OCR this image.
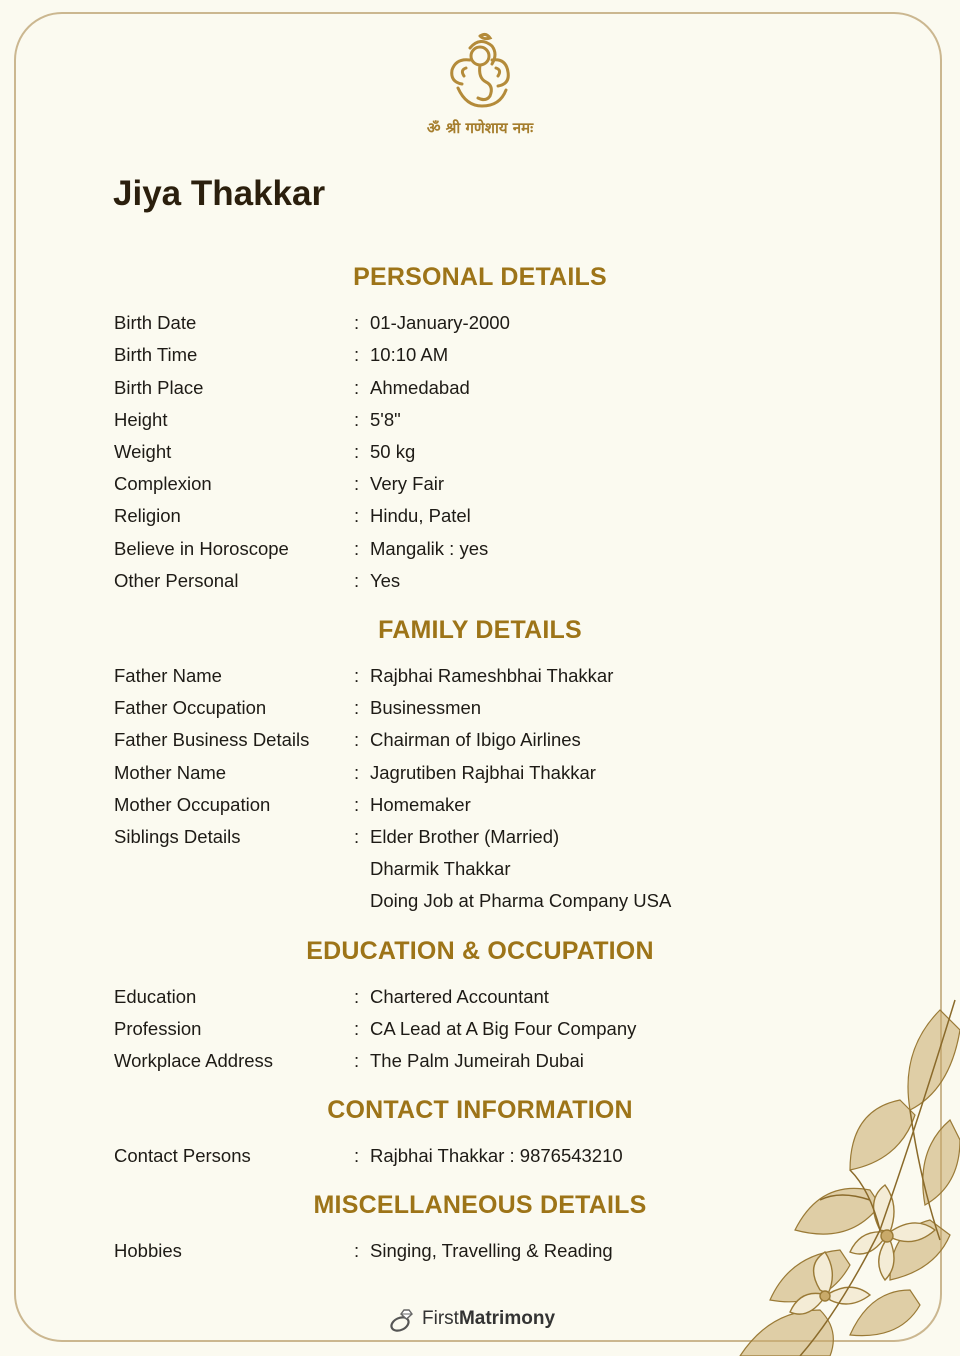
ॐ श्री गणेशाय नमः
Jiya Thakkar
PERSONAL DETAILS
Birth Date	: 01-January-2000
Birth Time	: 10:10 AM
Birth Place	: Ahmedabad
Height	: 5'8"
Weight	: 50 kg
Complexion	: Very Fair
Religion	: Hindu, Patel
Believe in Horoscope	: Mangalik : yes
Other Personal	: Yes
FAMILY DETAILS
Father Name	: Rajbhai Rameshbhai Thakkar
Father Occupation	: Businessmen
Father Business Details : Chairman of Ibigo Airlines
Mother Name	: Jagrutiben Rajbhai Thakkar
Mother Occupation	: Homemaker
Siblings Details	: Elder Brother (Married)
Dharmik Thakkar
Doing Job at Pharma Company USA
EDUCATION & OCCUPATION
Education	: Chartered Accountant
Profession	: CA Lead at A Big Four Company
Workplace Address	: The Palm Jumeirah Dubai
CONTACT INFORMATION
Contact Persons	: Rajbhai Thakkar : 9876543210
MISCELLANEOUS DETAILS
Hobbies	: Singing, Travelling & Reading
FirstMatrimony
